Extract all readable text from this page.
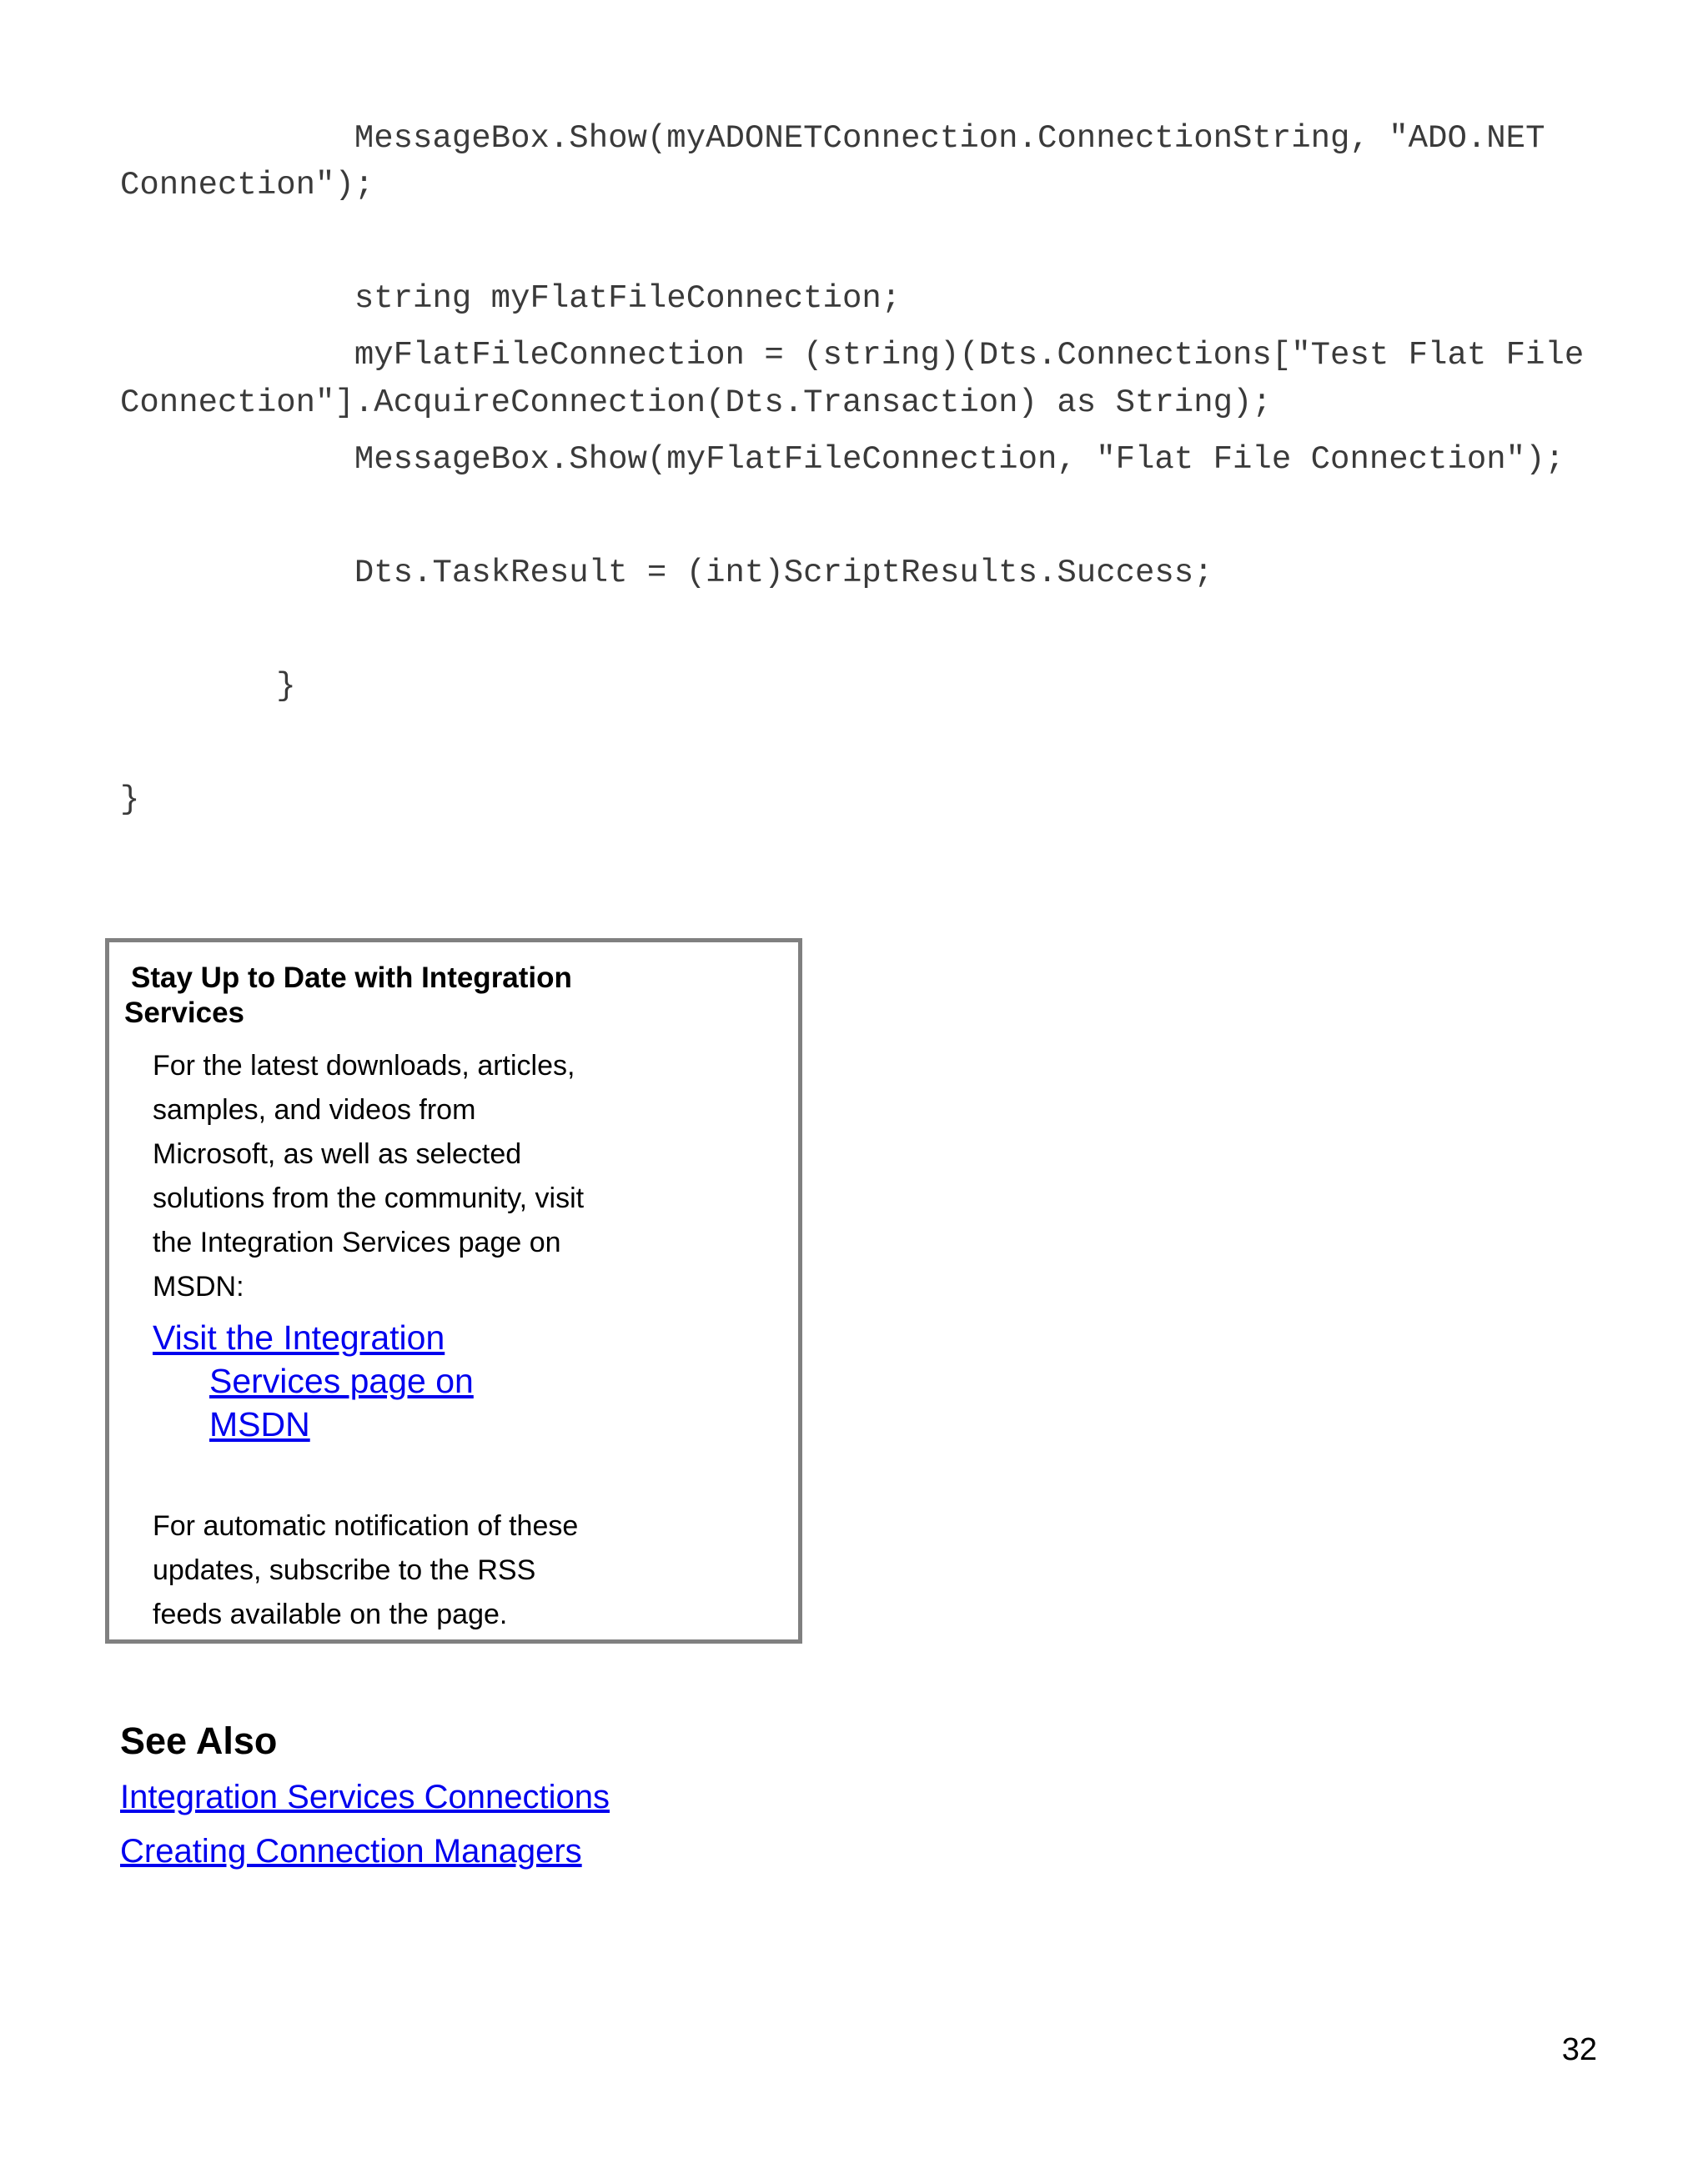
MessageBox.Show(myADONETConnection.ConnectionString, "ADO.NET
Connection");
string myFlatFileConnection;
myFlatFileConnection = (string)(Dts.Connections["Test Flat File
Connection"].AcquireConnection(Dts.Transaction) as String);
MessageBox.Show(myFlatFileConnection, "Flat File Connection");
Dts.TaskResult = (int)ScriptResults.Success;
}
}

Stay Up to Date with Integration Services

For the latest downloads, articles, samples, and videos from Microsoft, as well as selected solutions from the community, visit the Integration Services page on MSDN:

Visit the Integration Services page on MSDN

For automatic notification of these updates, subscribe to the RSS feeds available on the page.

See Also

Integration Services Connections

Creating Connection Managers

32
